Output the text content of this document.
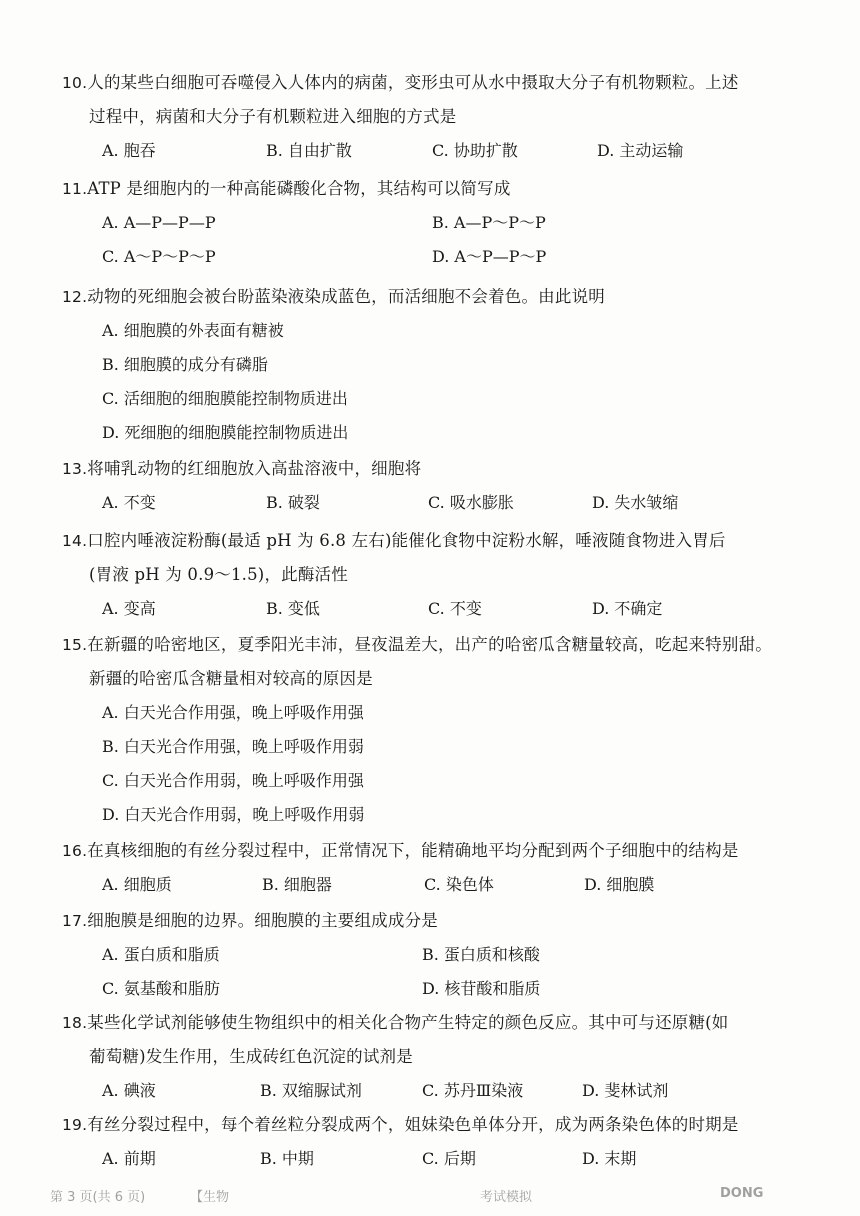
10.人的某些白细胞可吞噬侵入人体内的病菌，变形虫可从水中摄取大分子有机物颗粒。上述
过程中，病菌和大分子有机颗粒进入细胞的方式是

A. 胞吞	B. 自由扩散	C. 协助扩散	D. 主动运输

11.ATP 是细胞内的一种高能磷酸化合物，其结构可以简写成

A. A—P—P—P	B. A—P～P～P
C. A～P～P～P	D. A～P—P～P

12.动物的死细胞会被台盼蓝染液染成蓝色，而活细胞不会着色。由此说明

A. 细胞膜的外表面有糖被
B. 细胞膜的成分有磷脂
C. 活细胞的细胞膜能控制物质进出
D. 死细胞的细胞膜能控制物质进出

13.将哺乳动物的红细胞放入高盐溶液中，细胞将

A. 不变	B. 破裂	C. 吸水膨胀	D. 失水皱缩

14.口腔内唾液淀粉酶(最适 pH 为 6.8 左右)能催化食物中淀粉水解，唾液随食物进入胃后
(胃液 pH 为 0.9～1.5)，此酶活性

A. 变高	B. 变低	C. 不变	D. 不确定

15.在新疆的哈密地区，夏季阳光丰沛，昼夜温差大，出产的哈密瓜含糖量较高，吃起来特别甜。
新疆的哈密瓜含糖量相对较高的原因是

A. 白天光合作用强，晚上呼吸作用强
B. 白天光合作用强，晚上呼吸作用弱
C. 白天光合作用弱，晚上呼吸作用强
D. 白天光合作用弱，晚上呼吸作用弱

16.在真核细胞的有丝分裂过程中，正常情况下，能精确地平均分配到两个子细胞中的结构是

A. 细胞质	B. 细胞器	C. 染色体	D. 细胞膜

17.细胞膜是细胞的边界。细胞膜的主要组成成分是

A. 蛋白质和脂质	B. 蛋白质和核酸
C. 氨基酸和脂肪	D. 核苷酸和脂质

18.某些化学试剂能够使生物组织中的相关化合物产生特定的颜色反应。其中可与还原糖(如
葡萄糖)发生作用，生成砖红色沉淀的试剂是

A. 碘液	B. 双缩脲试剂	C. 苏丹Ⅲ染液	D. 斐林试剂

19.有丝分裂过程中，每个着丝粒分裂成两个，姐妹染色单体分开，成为两条染色体的时期是

A. 前期	B. 中期	C. 后期	D. 末期
第 3 页(共 6 页)	【生物	考试模拟	DONG
